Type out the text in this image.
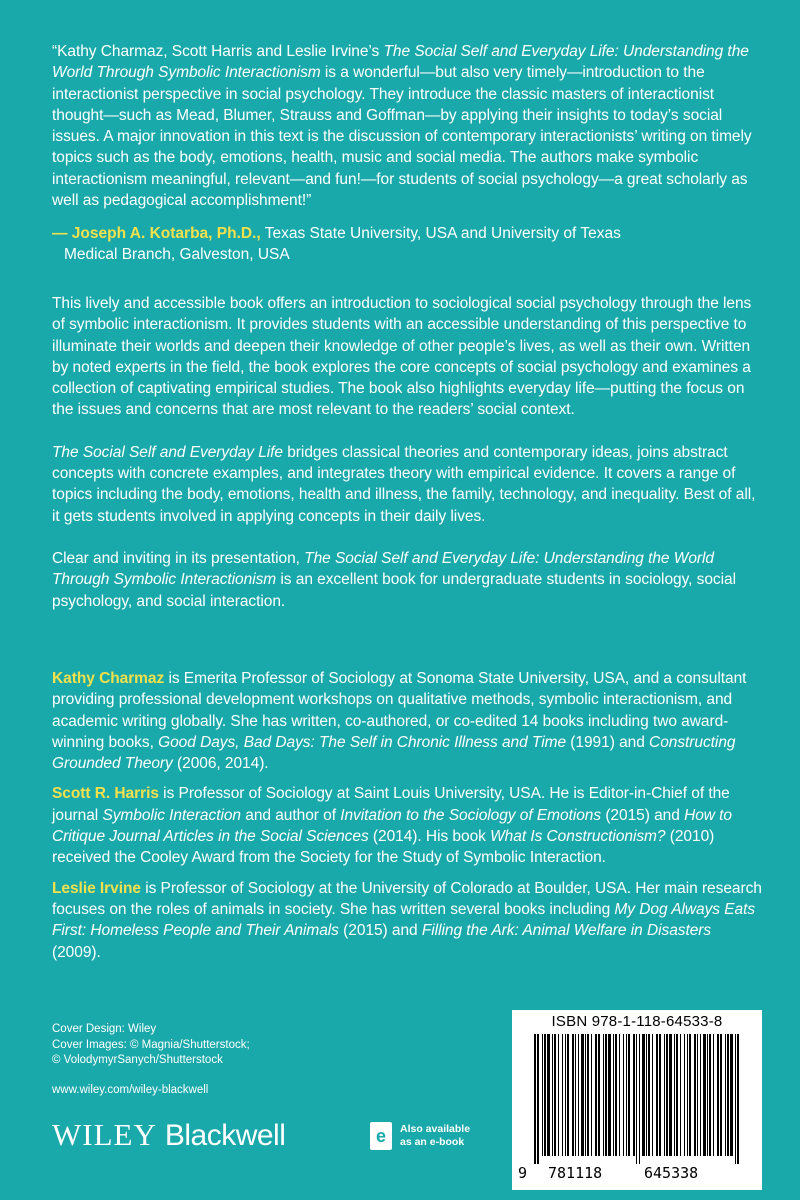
“Kathy Charmaz, Scott Harris and Leslie Irvine’s The Social Self and Everyday Life: Understanding the World Through Symbolic Interactionism is a wonderful—but also very timely—introduction to the interactionist perspective in social psychology. They introduce the classic masters of interactionist thought—such as Mead, Blumer, Strauss and Goffman—by applying their insights to today’s social issues. A major innovation in this text is the discussion of contemporary interactionists’ writing on timely topics such as the body, emotions, health, music and social media. The authors make symbolic interactionism meaningful, relevant—and fun!—for students of social psychology—a great scholarly as well as pedagogical accomplishment!”

— Joseph A. Kotarba, Ph.D., Texas State University, USA and University of Texas
Medical Branch, Galveston, USA

This lively and accessible book offers an introduction to sociological social psychology through the lens of symbolic interactionism. It provides students with an accessible understanding of this perspective to illuminate their worlds and deepen their knowledge of other people’s lives, as well as their own. Written by noted experts in the field, the book explores the core concepts of social psychology and examines a collection of captivating empirical studies. The book also highlights everyday life—putting the focus on the issues and concerns that are most relevant to the readers’ social context.

The Social Self and Everyday Life bridges classical theories and contemporary ideas, joins abstract concepts with concrete examples, and integrates theory with empirical evidence. It covers a range of topics including the body, emotions, health and illness, the family, technology, and inequality. Best of all, it gets students involved in applying concepts in their daily lives.

Clear and inviting in its presentation, The Social Self and Everyday Life: Understanding the World Through Symbolic Interactionism is an excellent book for undergraduate students in sociology, social psychology, and social interaction.

Kathy Charmaz is Emerita Professor of Sociology at Sonoma State University, USA, and a consultant providing professional development workshops on qualitative methods, symbolic interactionism, and academic writing globally. She has written, co-authored, or co-edited 14 books including two award-winning books, Good Days, Bad Days: The Self in Chronic Illness and Time (1991) and Constructing Grounded Theory (2006, 2014).

Scott R. Harris is Professor of Sociology at Saint Louis University, USA. He is Editor-in-Chief of the journal Symbolic Interaction and author of Invitation to the Sociology of Emotions (2015) and How to Critique Journal Articles in the Social Sciences (2014). His book What Is Constructionism? (2010) received the Cooley Award from the Society for the Study of Symbolic Interaction.

Leslie Irvine is Professor of Sociology at the University of Colorado at Boulder, USA. Her main research focuses on the roles of animals in society. She has written several books including My Dog Always Eats First: Homeless People and Their Animals (2015) and Filling the Ark: Animal Welfare in Disasters (2009).

Cover Design: Wiley
Cover Images: © Magnia/Shutterstock;
© VolodymyrSanych/Shutterstock
www.wiley.com/wiley-blackwell
WILEY Blackwell	e	Also available
as an e-book
ISBN 978-1-118-64533-8
9 781118	645338
